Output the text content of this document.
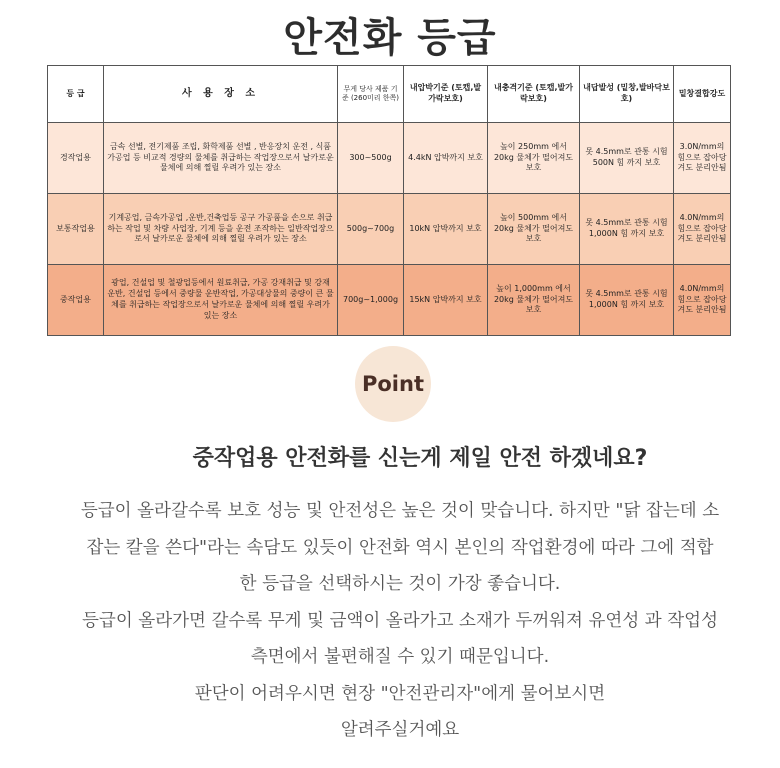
안전화 등급
등 급	사 용 장 소	무게 당사 제품 기준 (260미리 한쪽)	내압박기준 (토캡,발가락보호)	내충격기준 (토캡,발가락보호)	내답발성 (밑창,발바닥보호)	밑창결합강도
경작업용	금속 선별, 전기제품 조립, 화학제품 선별 , 반응장치 운전 , 식품 가공업 등 비교적 경량의 물체를 취급하는 작업장으로서 날카로운 물체에 의해 찔릴 우려가 있는 장소	300~500g	4.4kN 압박까지 보호	높이 250mm 에서 20kg 물체가 떨어져도 보호	못 4.5mm로 관통 시험 500N 힘 까지 보호	3.0N/mm의 힘으로 잡아당겨도 분리안됨
보통작업용	기계공업, 금속가공업 ,운반,건축업등 공구 가공품을 손으로 취급하는 작업 및 차량 사업장, 기계 등을 운전 조작하는 일반작업장으로서 날카로운 물체에 의해 찔릴 우려가 있는 장소	500g~700g	10kN 압박까지 보호	높이 500mm 에서 20kg 물체가 떨어져도 보호	못 4.5mm로 관통 시험 1,000N 힘 까지 보호	4.0N/mm의 힘으로 잡아당겨도 분리안됨
중작업용	광업, 건설업 및 철광업등에서 원료취급, 가공 강재취급 및 강재 운반, 건설업 등에서 중량물 운반작업, 가공대상물의 중량이 큰 물체를 취급하는 작업장으로서 날카로운 물체에 의해 찔릴 우려가 있는 장소	700g~1,000g	15kN 압박까지 보호	높이 1,000mm 에서 20kg 물체가 떨어져도 보호	못 4.5mm로 관통 시험 1,000N 힘 까지 보호	4.0N/mm의 힘으로 잡아당겨도 분리안됨
Point
중작업용 안전화를 신는게 제일 안전 하겠네요?
등급이 올라갈수록 보호 성능 및 안전성은 높은 것이 맞습니다. 하지만 "닭 잡는데 소
잡는 칼을 쓴다"라는 속담도 있듯이 안전화 역시 본인의 작업환경에 따라 그에 적합
한 등급을 선택하시는 것이 가장 좋습니다.
등급이 올라가면 갈수록 무게 및 금액이 올라가고 소재가 두꺼워져 유연성 과 작업성
측면에서 불편해질 수 있기 때문입니다.
판단이 어려우시면 현장 "안전관리자"에게 물어보시면
알려주실거예요
